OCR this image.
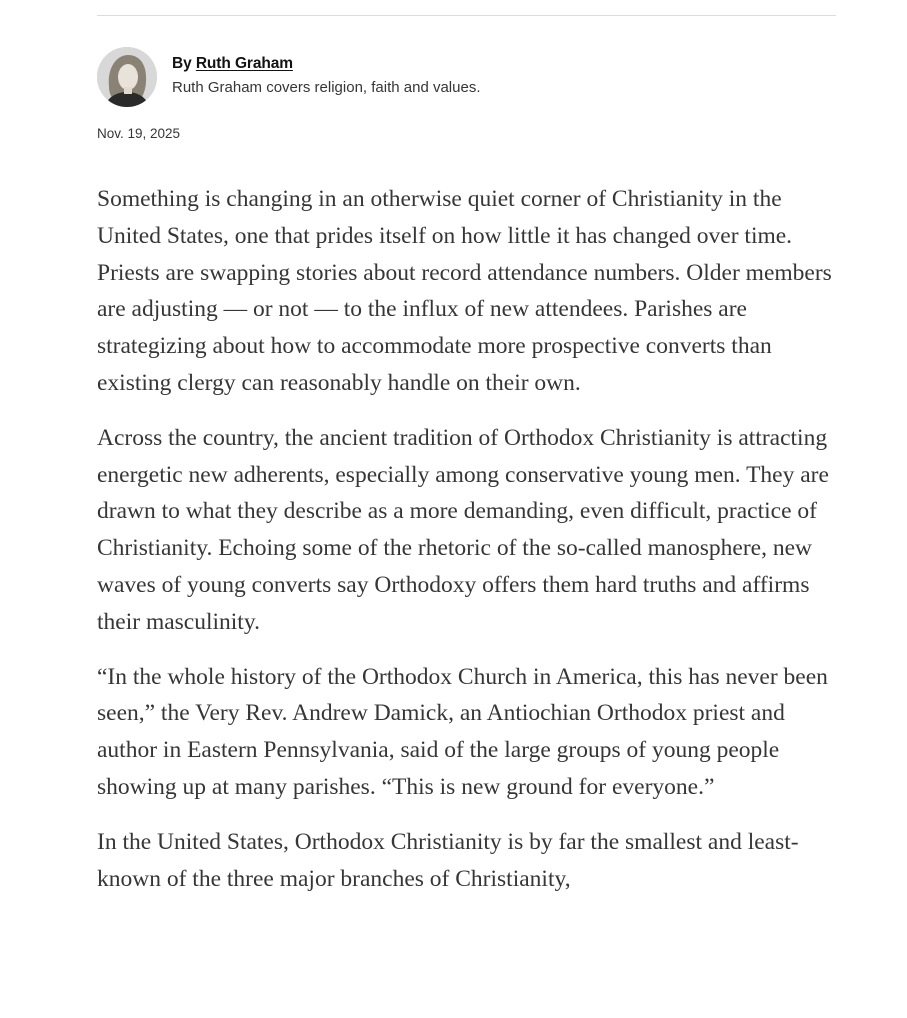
By Ruth Graham
Ruth Graham covers religion, faith and values.
Nov. 19, 2025

Something is changing in an otherwise quiet corner of Christianity in the United States, one that prides itself on how little it has changed over time. Priests are swapping stories about record attendance numbers. Older members are adjusting — or not — to the influx of new attendees. Parishes are strategizing about how to accommodate more prospective converts than existing clergy can reasonably handle on their own.

Across the country, the ancient tradition of Orthodox Christianity is attracting energetic new adherents, especially among conservative young men. They are drawn to what they describe as a more demanding, even difficult, practice of Christianity. Echoing some of the rhetoric of the so-called manosphere, new waves of young converts say Orthodoxy offers them hard truths and affirms their masculinity.

“In the whole history of the Orthodox Church in America, this has never been seen,” the Very Rev. Andrew Damick, an Antiochian Orthodox priest and author in Eastern Pennsylvania, said of the large groups of young people showing up at many parishes. “This is new ground for everyone.”

In the United States, Orthodox Christianity is by far the smallest and least-known of the three major branches of Christianity,
